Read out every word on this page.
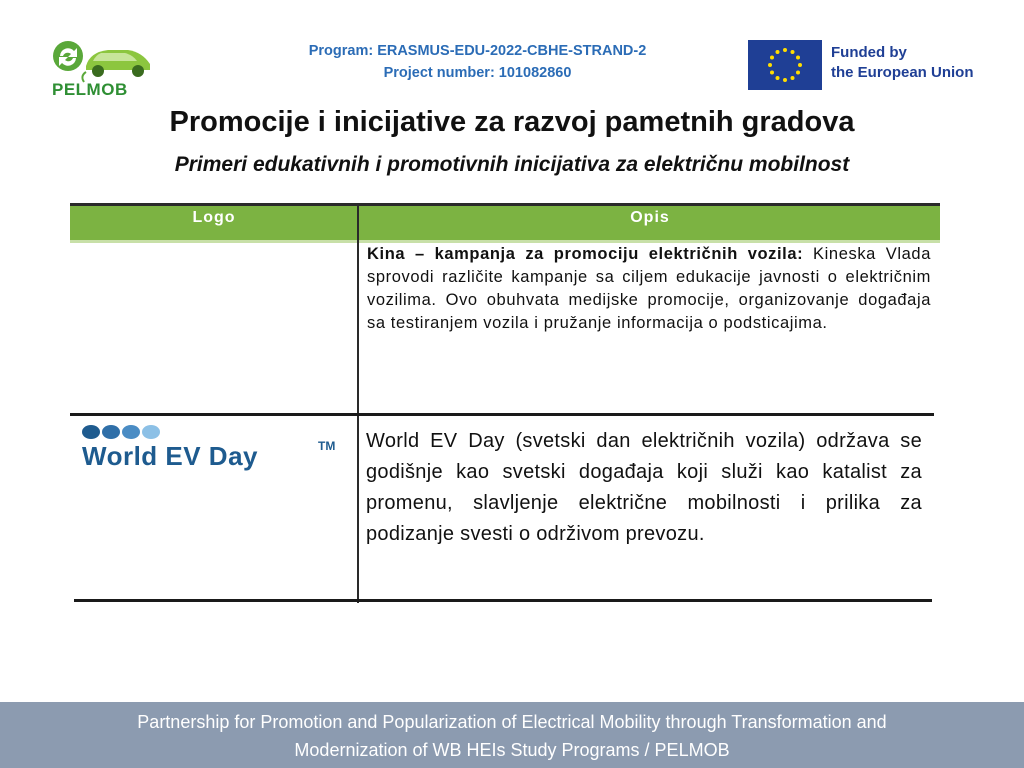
PELMOB
Program: ERASMUS-EDU-2022-CBHE-STRAND-2
Project number: 101082860
Funded by
the European Union
Promocije i inicijative za razvoj pametnih gradova
Primeri edukativnih i promotivnih inicijativa za električnu mobilnost
Logo	Opis
Kina – kampanja za promociju električnih vozila: Kineska Vlada sprovodi različite kampanje sa ciljem edukacije javnosti o električnim vozilima. Ovo obuhvata medijske promocije, organizovanje događaja sa testiranjem vozila i pružanje informacija o podsticajima.
World EV Day	TM World EV Day (svetski dan električnih vozila) održava se godišnje kao svetski događaja koji služi kao katalist za promenu, slavljenje električne mobilnosti i prilika za podizanje svesti o održivom prevozu.
Partnership for Promotion and Popularization of Electrical Mobility through Transformation and
Modernization of WB HEIs Study Programs / PELMOB
